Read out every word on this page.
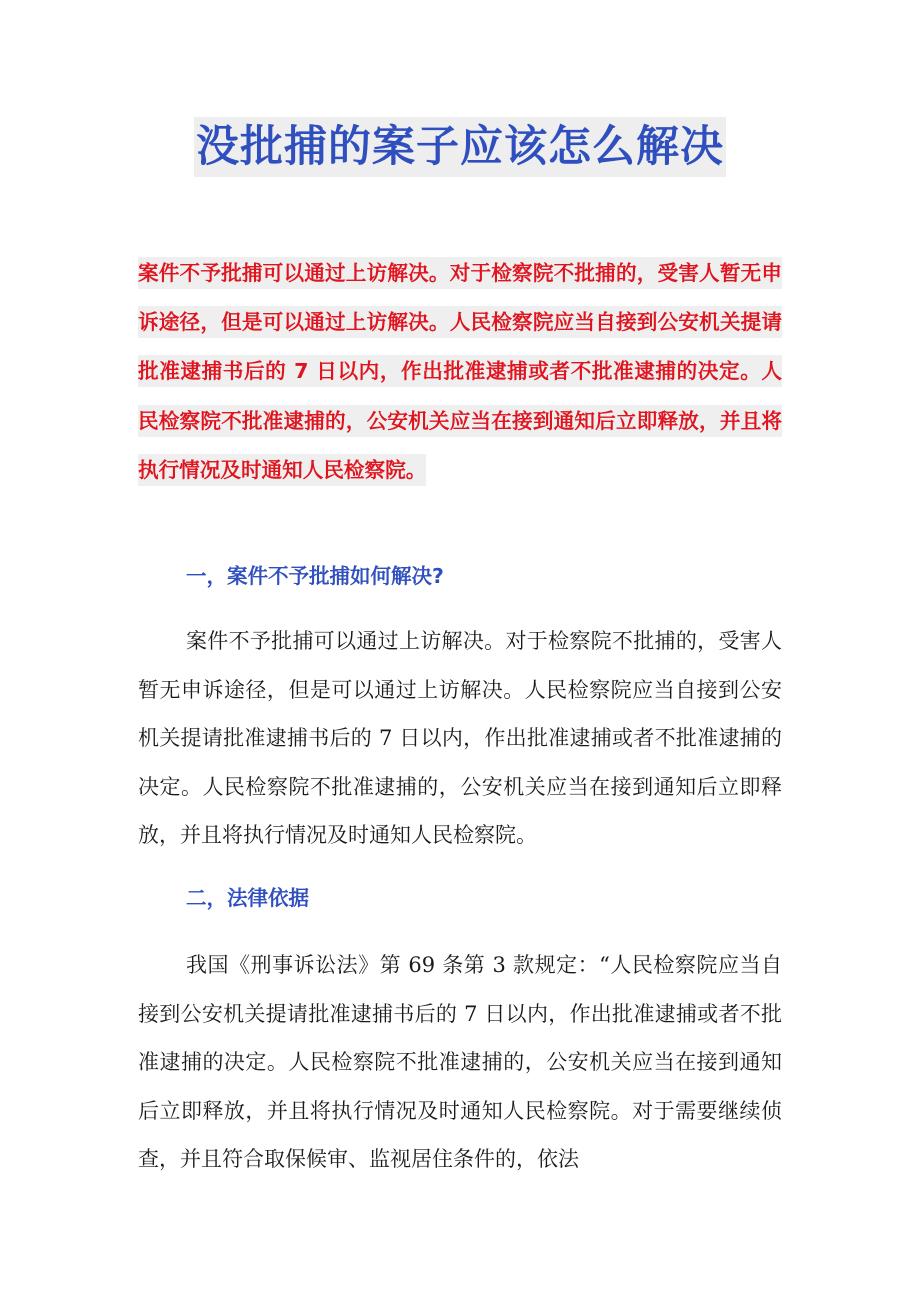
没批捕的案子应该怎么解决

案件不予批捕可以通过上访解决。对于检察院不批捕的，受害人暂无申诉途径，但是可以通过上访解决。人民检察院应当自接到公安机关提请批准逮捕书后的 7 日以内，作出批准逮捕或者不批准逮捕的决定。人民检察院不批准逮捕的，公安机关应当在接到通知后立即释放，并且将执行情况及时通知人民检察院。

一，案件不予批捕如何解决?

案件不予批捕可以通过上访解决。对于检察院不批捕的，受害人暂无申诉途径，但是可以通过上访解决。人民检察院应当自接到公安机关提请批准逮捕书后的 7 日以内，作出批准逮捕或者不批准逮捕的决定。人民检察院不批准逮捕的，公安机关应当在接到通知后立即释放，并且将执行情况及时通知人民检察院。

二，法律依据

我国《刑事诉讼法》第 69 条第 3 款规定：“人民检察院应当自接到公安机关提请批准逮捕书后的 7 日以内，作出批准逮捕或者不批准逮捕的决定。人民检察院不批准逮捕的，公安机关应当在接到通知后立即释放，并且将执行情况及时通知人民检察院。对于需要继续侦查，并且符合取保候审、监视居住条件的，依法
